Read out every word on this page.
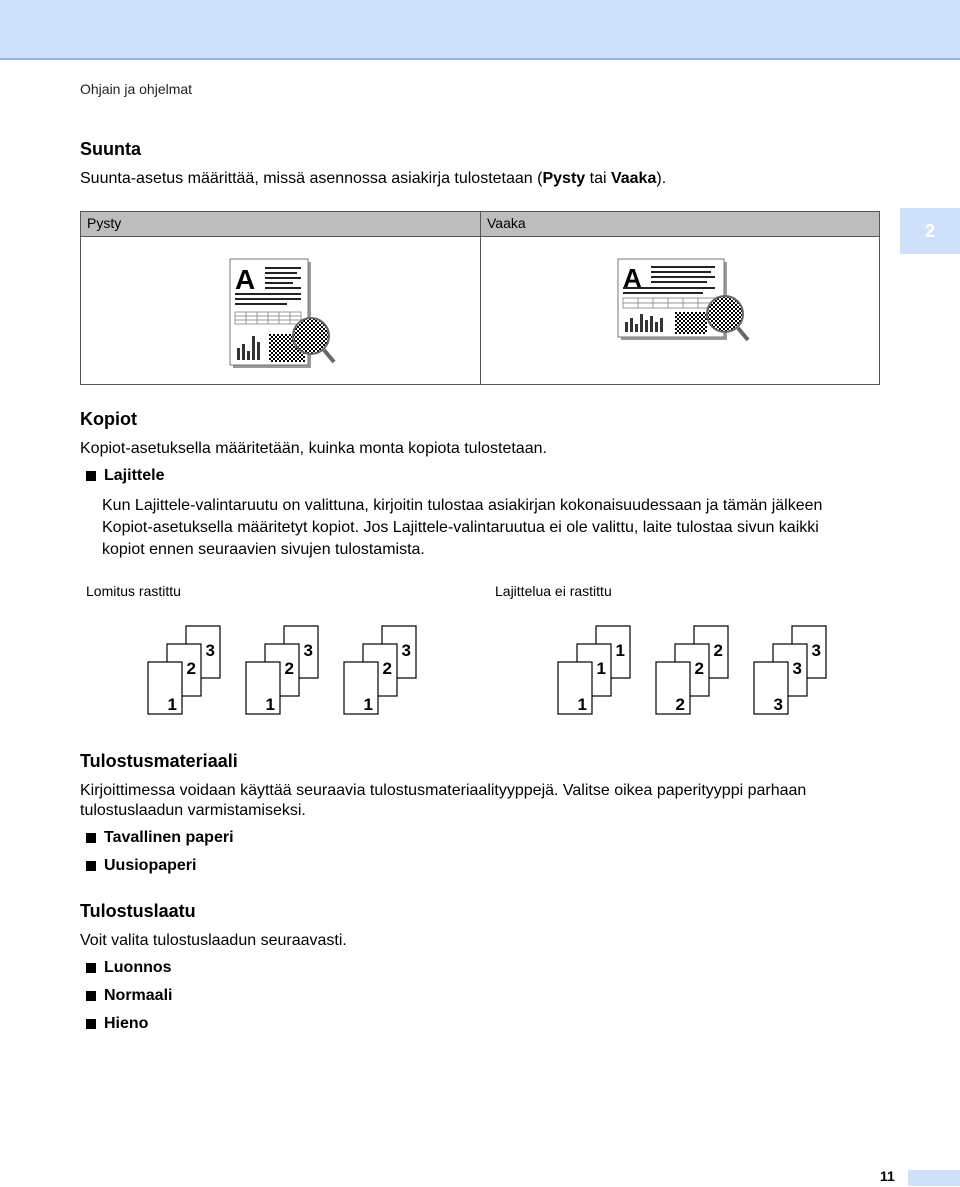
Ohjain ja ohjelmat
2
Suunta
Suunta-asetus määrittää, missä asennossa asiakirja tulostetaan (Pysty tai Vaaka).
Pysty	Vaaka
A	A
Kopiot
Kopiot-asetuksella määritetään, kuinka monta kopiota tulostetaan.
Lajittele
Kun Lajittele-valintaruutu on valittuna, kirjoitin tulostaa asiakirjan kokonaisuudessaan ja tämän jälkeen
Kopiot-asetuksella määritetyt kopiot. Jos Lajittele-valintaruutua ei ole valittu, laite tulostaa sivun kaikki
kopiot ennen seuraavien sivujen tulostamista.
Lomitus rastittu	Lajittelua ei rastittu
3
2
1
3
2
1
3
2
1
1
1
1
2
2
2
3
3
3
Tulostusmateriaali
Kirjoittimessa voidaan käyttää seuraavia tulostusmateriaalityyppejä. Valitse oikea paperityyppi parhaan
tulostuslaadun varmistamiseksi.
Tavallinen paperi
Uusiopaperi
Tulostuslaatu
Voit valita tulostuslaadun seuraavasti.
Luonnos
Normaali
Hieno
11
